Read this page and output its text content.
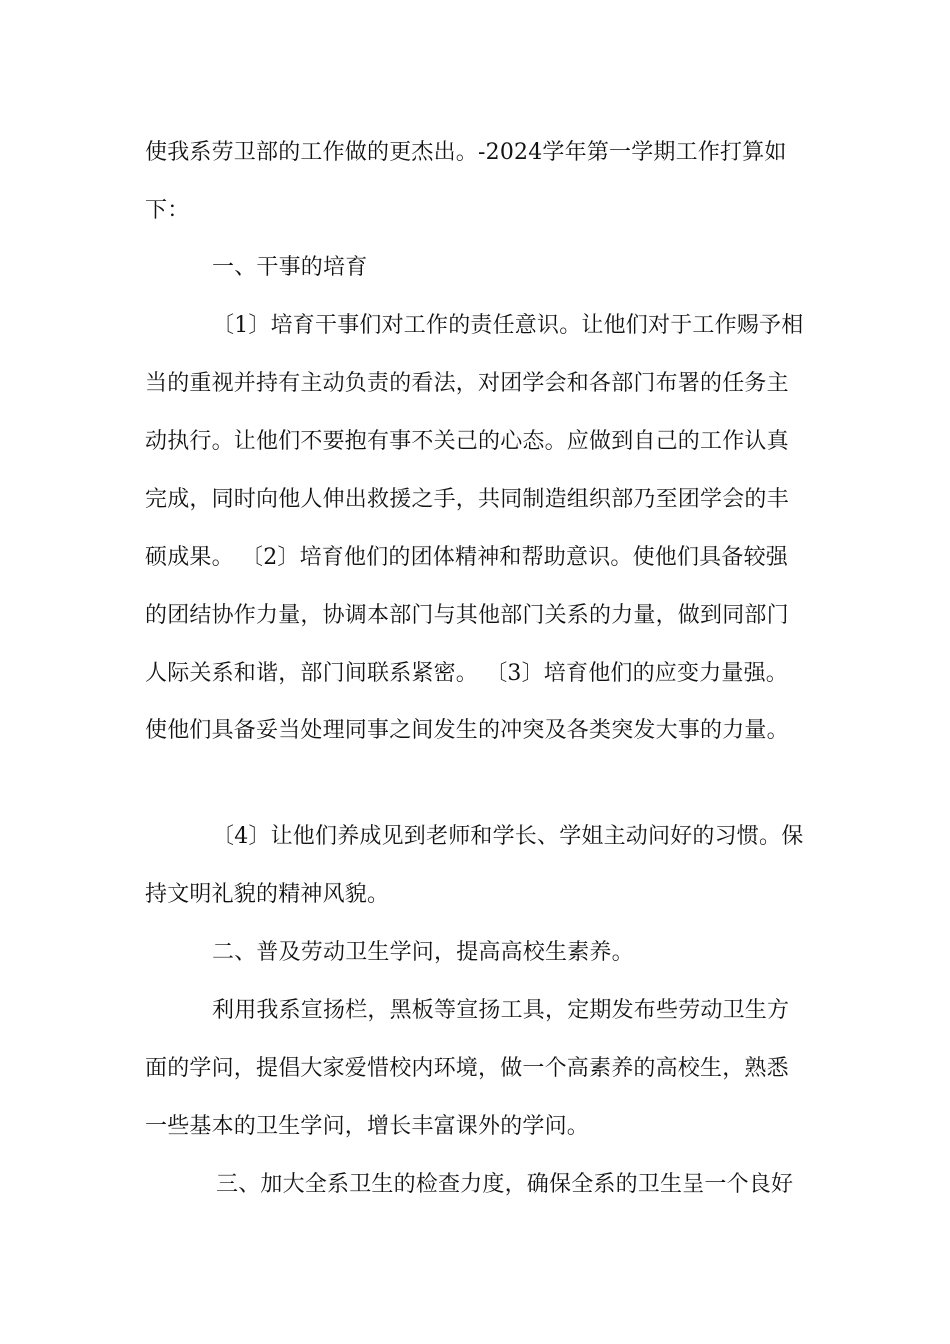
使我系劳卫部的工作做的更杰出。-2024学年第一学期工作打算如
下：
一、干事的培育
〔1〕培育干事们对工作的责任意识。让他们对于工作赐予相
当的重视并持有主动负责的看法，对团学会和各部门布署的任务主
动执行。让他们不要抱有事不关己的心态。应做到自己的工作认真
完成，同时向他人伸出救援之手，共同制造组织部乃至团学会的丰
硕成果。 〔2〕培育他们的团体精神和帮助意识。使他们具备较强
的团结协作力量，协调本部门与其他部门关系的力量，做到同部门
人际关系和谐，部门间联系紧密。 〔3〕培育他们的应变力量强。
使他们具备妥当处理同事之间发生的冲突及各类突发大事的力量。
〔4〕让他们养成见到老师和学长、学姐主动问好的习惯。保
持文明礼貌的精神风貌。
二、普及劳动卫生学问，提高高校生素养。
利用我系宣扬栏，黑板等宣扬工具，定期发布些劳动卫生方
面的学问，提倡大家爱惜校内环境，做一个高素养的高校生，熟悉
一些基本的卫生学问，增长丰富课外的学问。
三、加大全系卫生的检查力度，确保全系的卫生呈一个良好
